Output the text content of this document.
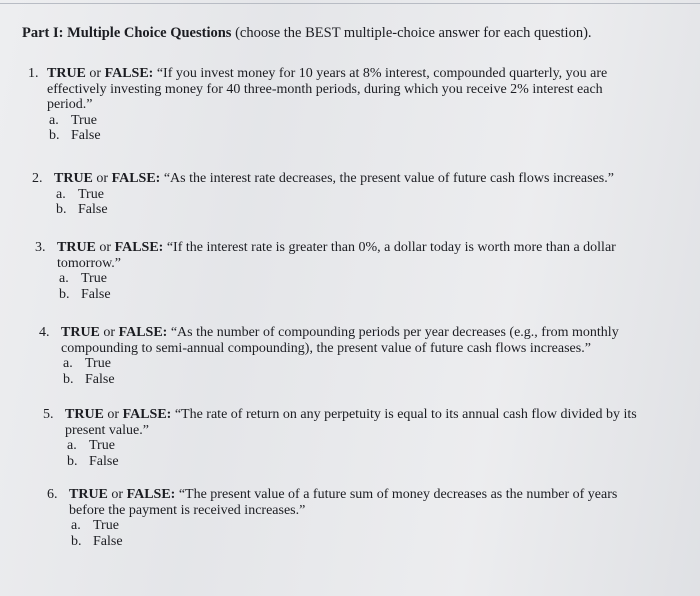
Part I: Multiple Choice Questions (choose the BEST multiple-choice answer for each question).
1. TRUE or FALSE: “If you invest money for 10 years at 8% interest, compounded quarterly, you are
effectively investing money for 40 three-month periods, during which you receive 2% interest each
period.”
a. True
b. False
2. TRUE or FALSE: “As the interest rate decreases, the present value of future cash flows increases.”
a. True
b. False
3. TRUE or FALSE: “If the interest rate is greater than 0%, a dollar today is worth more than a dollar
tomorrow.”
a. True
b. False
4. TRUE or FALSE: “As the number of compounding periods per year decreases (e.g., from monthly
compounding to semi-annual compounding), the present value of future cash flows increases.”
a. True
b. False
5. TRUE or FALSE: “The rate of return on any perpetuity is equal to its annual cash flow divided by its
present value.”
a. True
b. False
6. TRUE or FALSE: “The present value of a future sum of money decreases as the number of years
before the payment is received increases.”
a. True
b. False
